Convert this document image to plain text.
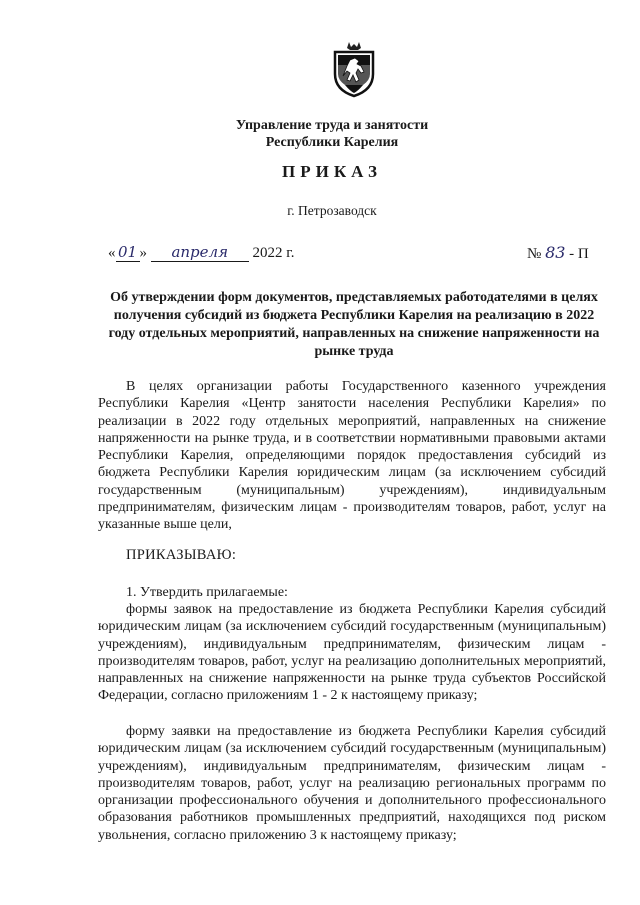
Управление труда и занятости
Республики Карелия
ПРИКАЗ
г. Петрозаводск
« 01 » апреля 2022 г.	№ 83 - П
Об утверждении форм документов, представляемых работодателями в целях получения субсидий из бюджета Республики Карелия на реализацию в 2022 году отдельных мероприятий, направленных на снижение напряженности на рынке труда
В целях организации работы Государственного казенного учреждения Республики Карелия «Центр занятости населения Республики Карелия» по реализации в 2022 году отдельных мероприятий, направленных на снижение напряженности на рынке труда, и в соответствии нормативными правовыми актами Республики Карелия, определяющими порядок предоставления субсидий из бюджета Республики Карелия юридическим лицам (за исключением субсидий государственным (муниципальным) учреждениям), индивидуальным предпринимателям, физическим лицам - производителям товаров, работ, услуг на указанные выше цели,
ПРИКАЗЫВАЮ:
1. Утвердить прилагаемые:
формы заявок на предоставление из бюджета Республики Карелия субсидий юридическим лицам (за исключением субсидий государственным (муниципальным) учреждениям), индивидуальным предпринимателям, физическим лицам - производителям товаров, работ, услуг на реализацию дополнительных мероприятий, направленных на снижение напряженности на рынке труда субъектов Российской Федерации, согласно приложениям 1 - 2 к настоящему приказу;
форму заявки на предоставление из бюджета Республики Карелия субсидий юридическим лицам (за исключением субсидий государственным (муниципальным) учреждениям), индивидуальным предпринимателям, физическим лицам - производителям товаров, работ, услуг на реализацию региональных программ по организации профессионального обучения и дополнительного профессионального образования работников промышленных предприятий, находящихся под риском увольнения, согласно приложению 3 к настоящему приказу;
